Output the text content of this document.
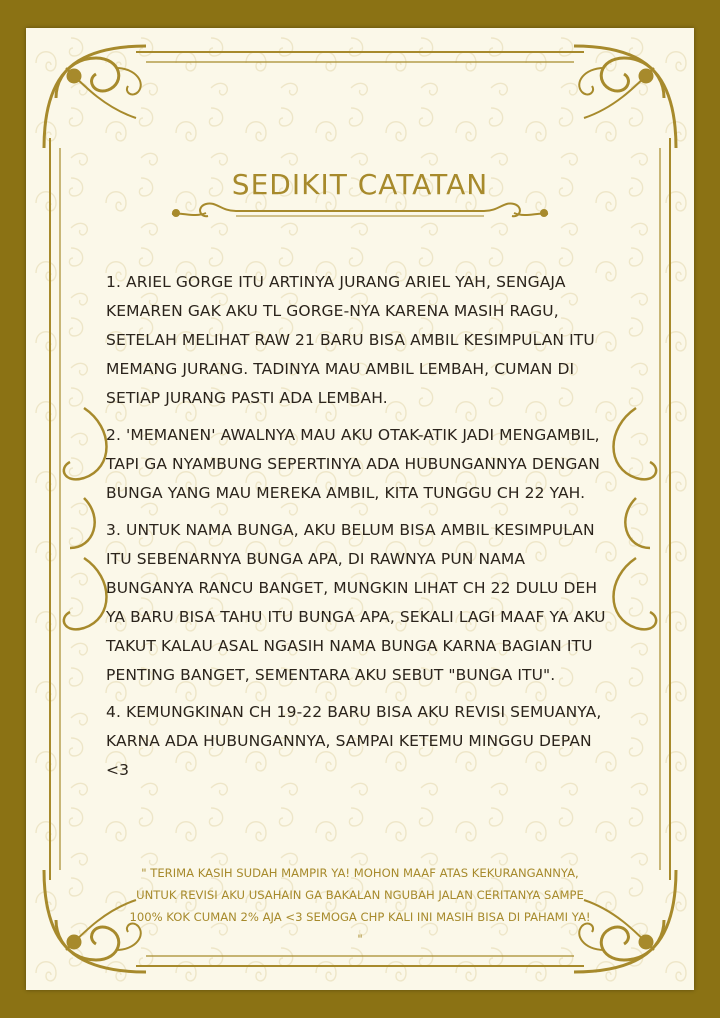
SEDIKIT CATATAN

1. ARIEL GORGE ITU ARTINYA JURANG ARIEL YAH, SENGAJA KEMAREN GAK AKU TL GORGE-NYA KARENA MASIH RAGU, SETELAH MELIHAT RAW 21 BARU BISA AMBIL KESIMPULAN ITU MEMANG JURANG. TADINYA MAU AMBIL LEMBAH, CUMAN DI SETIAP JURANG PASTI ADA LEMBAH.

2. 'MEMANEN' AWALNYA MAU AKU OTAK-ATIK JADI MENGAMBIL, TAPI GA NYAMBUNG SEPERTINYA ADA HUBUNGANNYA DENGAN BUNGA YANG MAU MEREKA AMBIL, KITA TUNGGU CH 22 YAH.

3. UNTUK NAMA BUNGA, AKU BELUM BISA AMBIL KESIMPULAN ITU SEBENARNYA BUNGA APA, DI RAWNYA PUN NAMA BUNGANYA RANCU BANGET, MUNGKIN LIHAT CH 22 DULU DEH YA BARU BISA TAHU ITU BUNGA APA, SEKALI LAGI MAAF YA AKU TAKUT KALAU ASAL NGASIH NAMA BUNGA KARNA BAGIAN ITU PENTING BANGET, SEMENTARA AKU SEBUT "BUNGA ITU".

4. KEMUNGKINAN CH 19-22 BARU BISA AKU REVISI SEMUANYA, KARNA ADA HUBUNGANNYA, SAMPAI KETEMU MINGGU DEPAN <3

" TERIMA KASIH SUDAH MAMPIR YA! MOHON MAAF ATAS KEKURANGANNYA, UNTUK REVISI AKU USAHAIN GA BAKALAN NGUBAH JALAN CERITANYA SAMPE 100% KOK CUMAN 2% AJA <3 SEMOGA CHP KALI INI MASIH BISA DI PAHAMI YA! "
